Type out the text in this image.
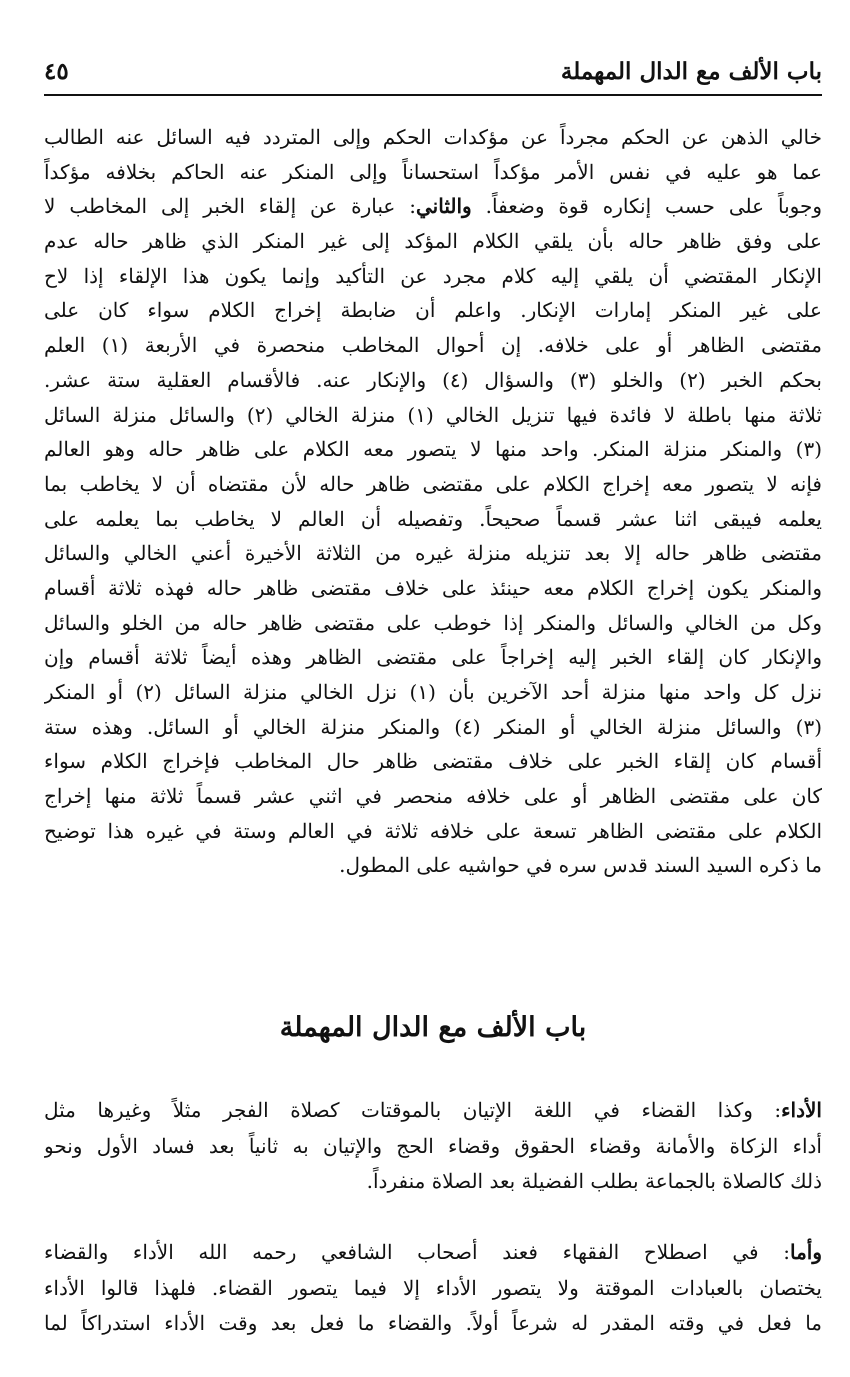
باب الألف مع الدال المهملة
٤٥
خالي الذهن عن الحكم مجرداً عن مؤكدات الحكم وإلى المتردد فيه السائل عنه الطالب
عما هو عليه في نفس الأمر مؤكداً استحساناً وإلى المنكر عنه الحاكم بخلافه مؤكداً
وجوباً على حسب إنكاره قوة وضعفاً. والثاني: عبارة عن إلقاء الخبر إلى المخاطب لا
على وفق ظاهر حاله بأن يلقي الكلام المؤكد إلى غير المنكر الذي ظاهر حاله عدم
الإنكار المقتضي أن يلقي إليه كلام مجرد عن التأكيد وإنما يكون هذا الإلقاء إذا لاح
على غير المنكر إمارات الإنكار. واعلم أن ضابطة إخراج الكلام سواء كان على
مقتضى الظاهر أو على خلافه. إن أحوال المخاطب منحصرة في الأربعة (١) العلم
بحكم الخبر (٢) والخلو (٣) والسؤال (٤) والإنكار عنه. فالأقسام العقلية ستة عشر.
ثلاثة منها باطلة لا فائدة فيها تنزيل الخالي (١) منزلة الخالي (٢) والسائل منزلة السائل
(٣) والمنكر منزلة المنكر. واحد منها لا يتصور معه الكلام على ظاهر حاله وهو العالم
فإنه لا يتصور معه إخراج الكلام على مقتضى ظاهر حاله لأن مقتضاه أن لا يخاطب بما
يعلمه فيبقى اثنا عشر قسماً صحيحاً. وتفصيله أن العالم لا يخاطب بما يعلمه على
مقتضى ظاهر حاله إلا بعد تنزيله منزلة غيره من الثلاثة الأخيرة أعني الخالي والسائل
والمنكر يكون إخراج الكلام معه حينئذ على خلاف مقتضى ظاهر حاله فهذه ثلاثة أقسام
وكل من الخالي والسائل والمنكر إذا خوطب على مقتضى ظاهر حاله من الخلو والسائل
والإنكار كان إلقاء الخبر إليه إخراجاً على مقتضى الظاهر وهذه أيضاً ثلاثة أقسام وإن
نزل كل واحد منها منزلة أحد الآخرين بأن (١) نزل الخالي منزلة السائل (٢) أو المنكر
(٣) والسائل منزلة الخالي أو المنكر (٤) والمنكر منزلة الخالي أو السائل. وهذه ستة
أقسام كان إلقاء الخبر على خلاف مقتضى ظاهر حال المخاطب فإخراج الكلام سواء
كان على مقتضى الظاهر أو على خلافه منحصر في اثني عشر قسماً ثلاثة منها إخراج
الكلام على مقتضى الظاهر تسعة على خلافه ثلاثة في العالم وستة في غيره هذا توضيح
ما ذكره السيد السند قدس سره في حواشيه على المطول.
باب الألف مع الدال المهملة
الأداء: وكذا القضاء في اللغة الإتيان بالموقتات كصلاة الفجر مثلاً وغيرها مثل
أداء الزكاة والأمانة وقضاء الحقوق وقضاء الحج والإتيان به ثانياً بعد فساد الأول ونحو
ذلك كالصلاة بالجماعة بطلب الفضيلة بعد الصلاة منفرداً.
وأما: في اصطلاح الفقهاء فعند أصحاب الشافعي رحمه الله الأداء والقضاء
يختصان بالعبادات الموقتة ولا يتصور الأداء إلا فيما يتصور القضاء. فلهذا قالوا الأداء
ما فعل في وقته المقدر له شرعاً أولاً. والقضاء ما فعل بعد وقت الأداء استدراكاً لما
